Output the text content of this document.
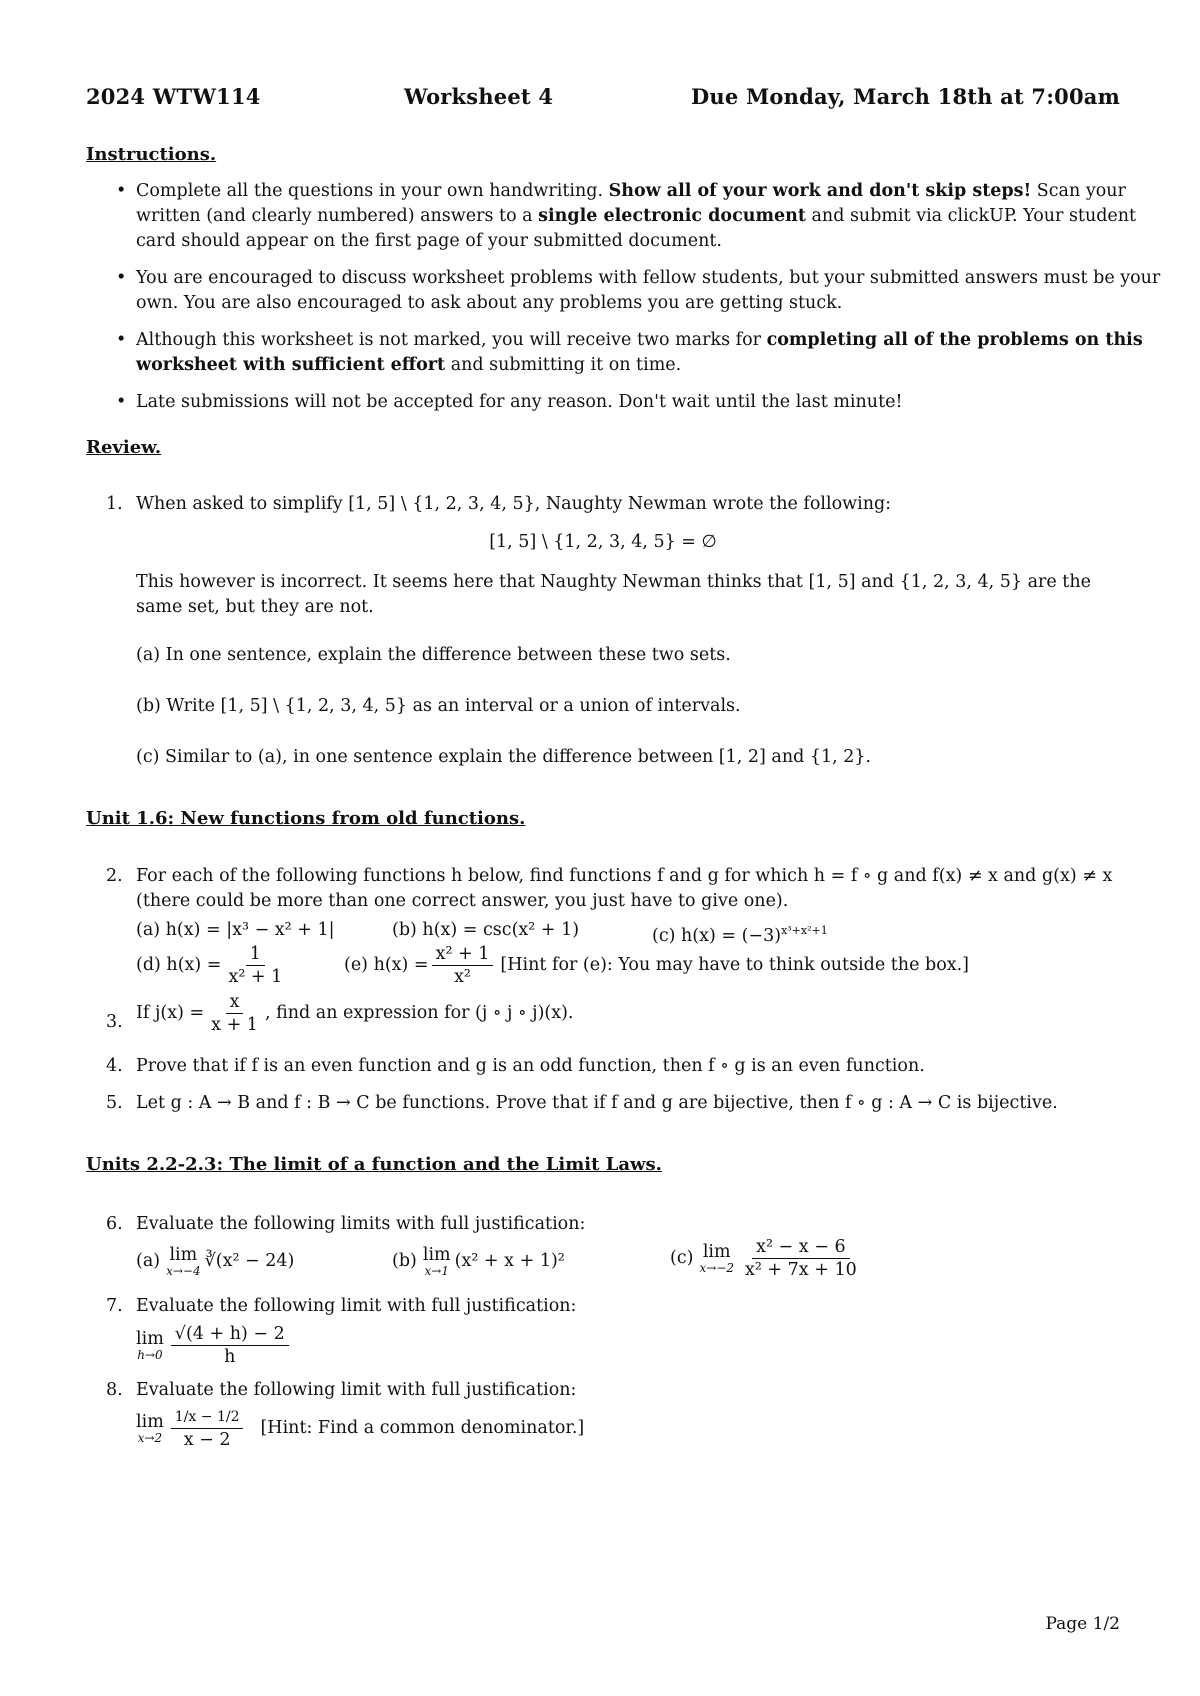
2024 WTW114	Worksheet 4	Due Monday, March 18th at 7:00am
Instructions.
• Complete all the questions in your own handwriting. Show all of your work and don't skip steps! Scan your written (and clearly numbered) answers to a single electronic document and submit via clickUP. Your student card should appear on the first page of your submitted document.
• You are encouraged to discuss worksheet problems with fellow students, but your submitted answers must be your own. You are also encouraged to ask about any problems you are getting stuck.
• Although this worksheet is not marked, you will receive two marks for completing all of the problems on this worksheet with sufficient effort and submitting it on time.
• Late submissions will not be accepted for any reason. Don't wait until the last minute!
Review.
1. When asked to simplify [1, 5] \ {1, 2, 3, 4, 5}, Naughty Newman wrote the following:
[1, 5] \ {1, 2, 3, 4, 5} = ∅
This however is incorrect. It seems here that Naughty Newman thinks that [1, 5] and {1, 2, 3, 4, 5} are the same set, but they are not.
(a) In one sentence, explain the difference between these two sets.
(b) Write [1, 5] \ {1, 2, 3, 4, 5} as an interval or a union of intervals.
(c) Similar to (a), in one sentence explain the difference between [1, 2] and {1, 2}.
Unit 1.6: New functions from old functions.
2. For each of the following functions h below, find functions f and g for which h = f ∘ g and f(x) ≠ x and g(x) ≠ x (there could be more than one correct answer, you just have to give one).
(a) h(x) = |x³ − x² + 1|	(b) h(x) = csc(x² + 1)	(c) $h(x) = (-3)^{x^3+x^2+1}$
(d) $h(x) = \frac{1}{\text{x² + 1}}$	(e) $h(x) = \frac{\text{x² + 1}}{\text{x²}}$ [Hint for (e): You may have to think outside the box.]
3. If $j(x) = \frac{x}{x + 1}$ , find an expression for (j ∘ j ∘ j)(x).
4. Prove that if f is an even function and g is an odd function, then f ∘ g is an even function.
5. Let g : A → B and f : B → C be functions. Prove that if f and g are bijective, then f ∘ g : A → C is bijective.
Units 2.2-2.3: The limit of a function and the Limit Laws.
6. Evaluate the following limits with full justification:
(a) lim
x→−4
∛(x² − 24)	(b) lim
x→1
(x² + x + 1)²	(c) lim
$x\to-2 \frac{\text{x² − x − 6}}{\text{x² + 7x + 10}}$
7. Evaluate the following limit with full justification:
lim
$h\to 0 \frac{√(4 + h) - 2}{h}$
8. Evaluate the following limit with full justification:
lim
$x\to 2 \frac{1/x - 1/2}{x - 2}$ [Hint: Find a common denominator.]
Page 1/2
